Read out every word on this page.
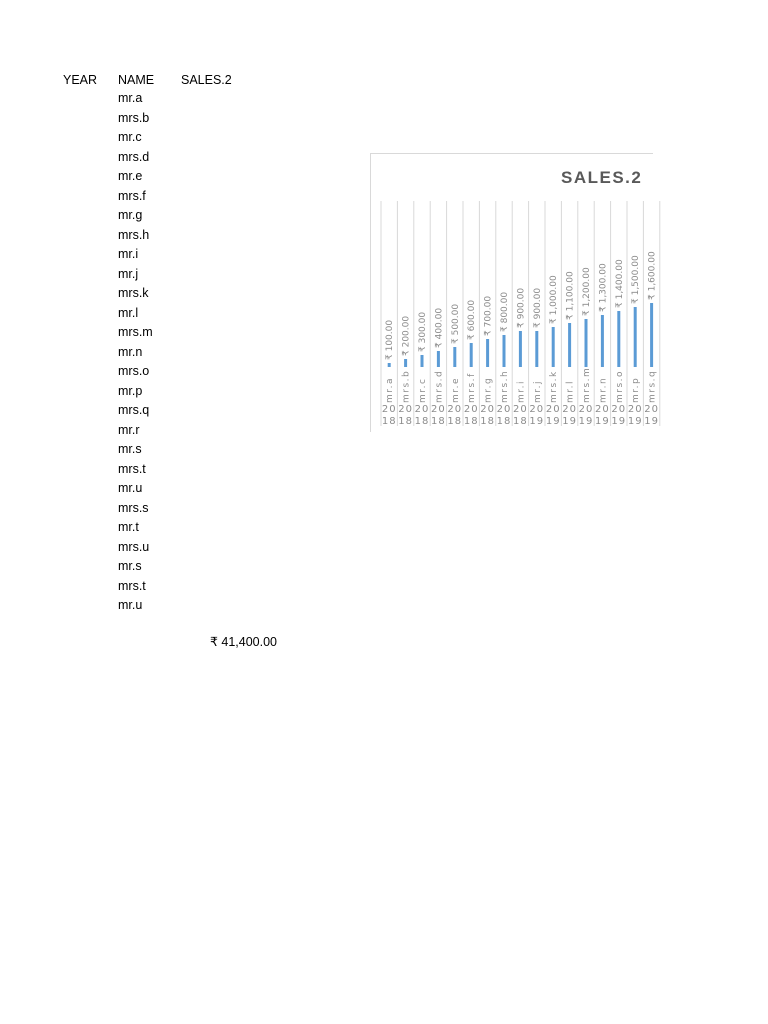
YEAR NAME SALES.2
mr.a
mrs.b
mr.c
mrs.d
mr.e
mrs.f
mr.g
mrs.h
mr.i
mr.j
mrs.k
mr.l
mrs.m
mr.n
mrs.o
mr.p
mrs.q
mr.r
mr.s
mrs.t
mr.u
mrs.s
mr.t
mrs.u
mr.s
mrs.t
mr.u
₹ 41,400.00
SALES.2
₹ 100.00
mr.a
20
18
₹ 200.00
mrs.b
20
18
₹ 300.00
mr.c
20
18
₹ 400.00
mrs.d
20
18
₹ 500.00
mr.e
20
18
₹ 600.00
mrs.f
20
18
₹ 700.00
mr.g
20
18
₹ 800.00
mrs.h
20
18
₹ 900.00
mr.i
20
18
₹ 900.00
mr.j
20
19
₹ 1,000.00
mrs.k
20
19
₹ 1,100.00
mr.l
20
19
₹ 1,200.00
mrs.m
20
19
₹ 1,300.00
mr.n
20
19
₹ 1,400.00
mrs.o
20
19
₹ 1,500.00
mr.p
20
19
₹ 1,600.00
mrs.q
20
19
